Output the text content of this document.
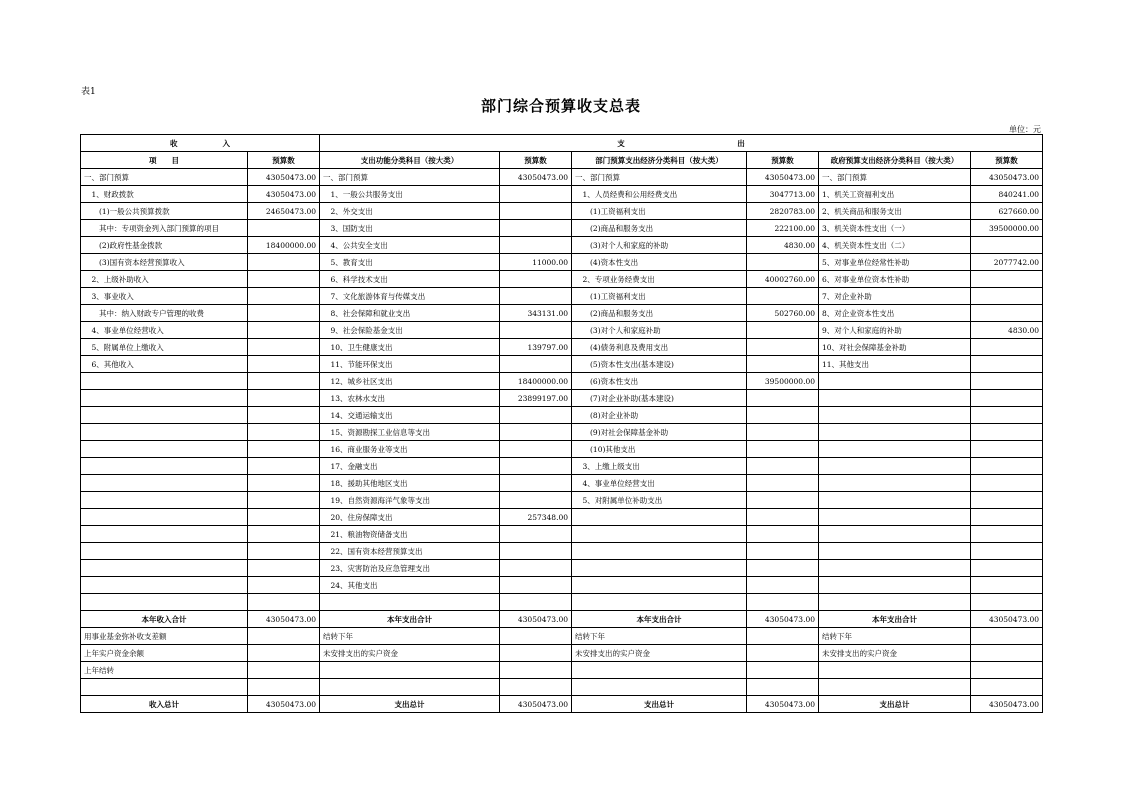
表1
部门综合预算收支总表
单位：元
收　　　　　　入		支　　　　　　　　　　　　　　　出					
项　　目	预算数	支出功能分类科目（按大类）	预算数	部门预算支出经济分类科目（按大类）	预算数	政府预算支出经济分类科目（按大类）	预算数
一、部门预算	43050473.00	一、部门预算	43050473.00	一、部门预算	43050473.00	一、部门预算	43050473.00
　1、财政拨款	43050473.00	　1、一般公共服务支出		　1、人员经费和公用经费支出	3047713.00	1、机关工资福利支出	840241.00
　　(1)一般公共预算拨款	24650473.00	　2、外交支出		　　(1)工资福利支出	2820783.00	2、机关商品和服务支出	627660.00
　　其中：专项资金列入部门预算的项目		　3、国防支出		　　(2)商品和服务支出	222100.00	3、机关资本性支出（一）	39500000.00
　　(2)政府性基金拨款	18400000.00	　4、公共安全支出		　　(3)对个人和家庭的补助	4830.00	4、机关资本性支出（二）	
　　(3)国有资本经营预算收入		　5、教育支出	11000.00	　　(4)资本性支出		5、对事业单位经常性补助	2077742.00
　2、上级补助收入		　6、科学技术支出		　2、专项业务经费支出	40002760.00	6、对事业单位资本性补助	
　3、事业收入		　7、文化旅游体育与传媒支出		　　(1)工资福利支出		7、对企业补助	
　　其中：纳入财政专户管理的收费		　8、社会保障和就业支出	343131.00	　　(2)商品和服务支出	502760.00	8、对企业资本性支出	
　4、事业单位经营收入		　9、社会保险基金支出		　　(3)对个人和家庭补助		9、对个人和家庭的补助	4830.00
　5、附属单位上缴收入		　10、卫生健康支出	139797.00	　　(4)债务利息及费用支出		10、对社会保障基金补助	
　6、其他收入		　11、节能环保支出		　　(5)资本性支出(基本建设)		11、其他支出	
		　12、城乡社区支出	18400000.00	　　(6)资本性支出	39500000.00		
		　13、农林水支出	23899197.00	　　(7)对企业补助(基本建设)			
		　14、交通运输支出		　　(8)对企业补助			
		　15、资源勘探工业信息等支出		　　(9)对社会保障基金补助			
		　16、商业服务业等支出		　　(10)其他支出			
		　17、金融支出		　3、上缴上级支出			
		　18、援助其他地区支出		　4、事业单位经营支出			
		　19、自然资源海洋气象等支出		　5、对附属单位补助支出			
		　20、住房保障支出	257348.00				
		　21、粮油物资储备支出					
		　22、国有资本经营预算支出					
		　23、灾害防治及应急管理支出					
		　24、其他支出					

本年收入合计	43050473.00	本年支出合计	43050473.00	本年支出合计	43050473.00	本年支出合计	43050473.00
用事业基金弥补收支差额		结转下年		结转下年		结转下年	
上年实户资金余额		未安排支出的实户资金		未安排支出的实户资金		未安排支出的实户资金	
上年结转							

收入总计	43050473.00	支出总计	43050473.00	支出总计	43050473.00	支出总计	43050473.00
